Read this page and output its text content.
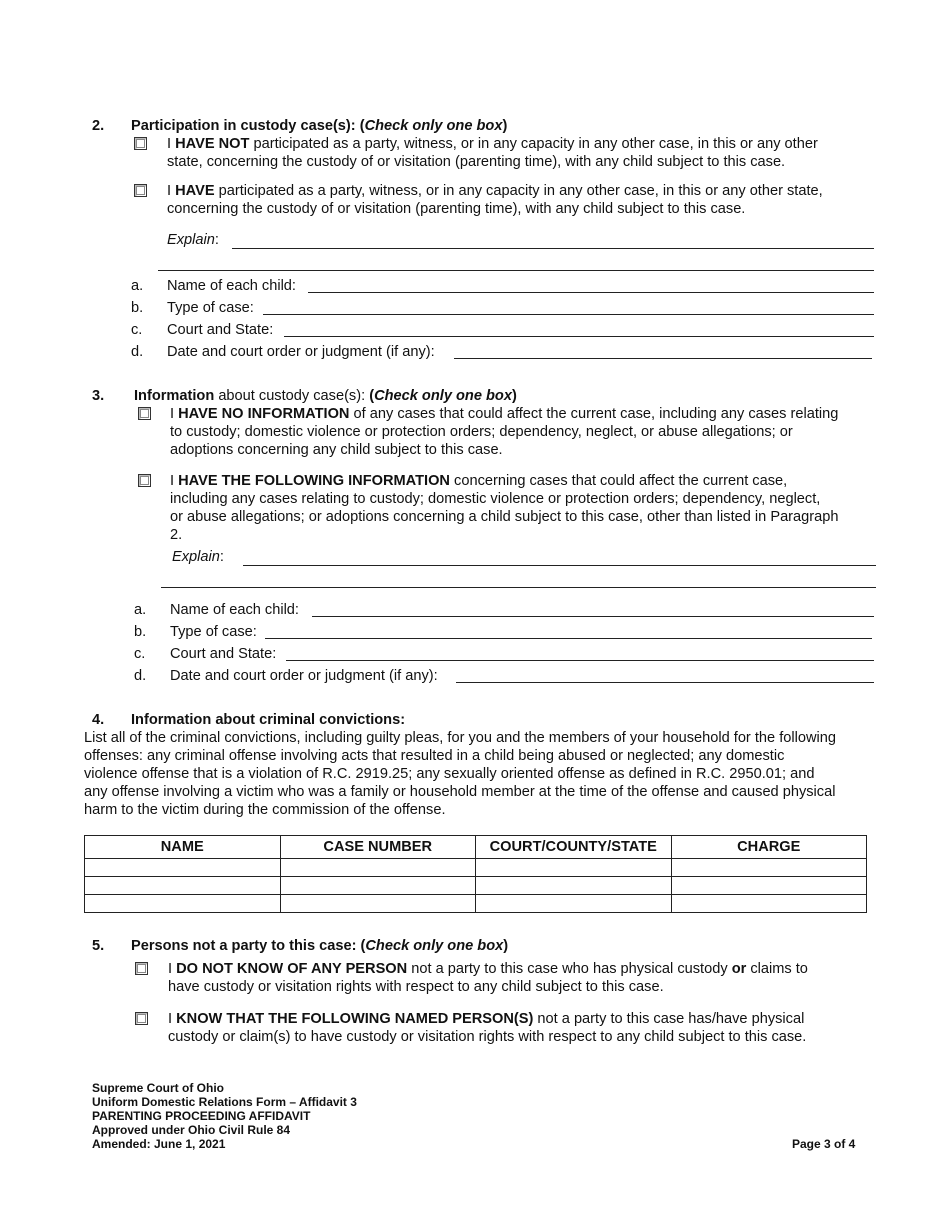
2. Participation in custody case(s): (Check only one box)
I HAVE NOT participated as a party, witness, or in any capacity in any other case, in this or any other
state, concerning the custody of or visitation (parenting time), with any child subject to this case.
I HAVE participated as a party, witness, or in any capacity in any other case, in this or any other state,
concerning the custody of or visitation (parenting time), with any child subject to this case.
Explain:
a. Name of each child:
b. Type of case:
c. Court and State:
d. Date and court order or judgment (if any):
3. Information about custody case(s): (Check only one box)
I HAVE NO INFORMATION of any cases that could affect the current case, including any cases relating
to custody; domestic violence or protection orders; dependency, neglect, or abuse allegations; or
adoptions concerning any child subject to this case.
I HAVE THE FOLLOWING INFORMATION concerning cases that could affect the current case,
including any cases relating to custody; domestic violence or protection orders; dependency, neglect,
or abuse allegations; or adoptions concerning a child subject to this case, other than listed in Paragraph
2.
Explain:
a. Name of each child:
b. Type of case:
c. Court and State:
d. Date and court order or judgment (if any):
4. Information about criminal convictions:
List all of the criminal convictions, including guilty pleas, for you and the members of your household for the following
offenses: any criminal offense involving acts that resulted in a child being abused or neglected; any domestic
violence offense that is a violation of R.C. 2919.25; any sexually oriented offense as defined in R.C. 2950.01; and
any offense involving a victim who was a family or household member at the time of the offense and caused physical
harm to the victim during the commission of the offense.
NAME	CASE NUMBER	COURT/COUNTY/STATE	CHARGE

5. Persons not a party to this case: (Check only one box)
I DO NOT KNOW OF ANY PERSON not a party to this case who has physical custody or claims to
have custody or visitation rights with respect to any child subject to this case.
I KNOW THAT THE FOLLOWING NAMED PERSON(S) not a party to this case has/have physical
custody or claim(s) to have custody or visitation rights with respect to any child subject to this case.
Supreme Court of Ohio
Uniform Domestic Relations Form – Affidavit 3
PARENTING PROCEEDING AFFIDAVIT
Approved under Ohio Civil Rule 84
Amended: June 1, 2021	Page 3 of 4
